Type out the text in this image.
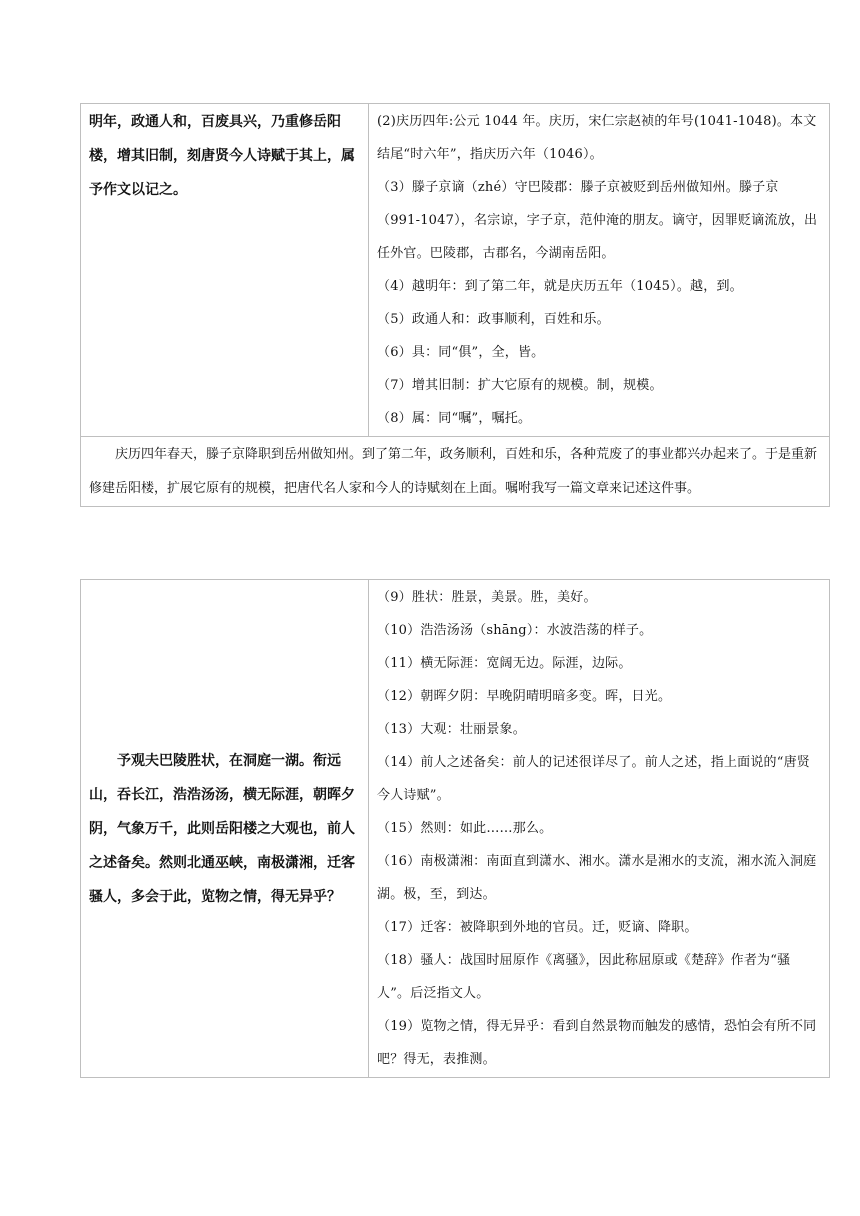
明年，政通人和，百废具兴，乃重修岳阳楼，增其旧制，刻唐贤今人诗赋于其上，属予作文以记之。

(2)庆历四年:公元 1044 年。庆历，宋仁宗赵祯的年号(1041-1048)。本文结尾“时六年”，指庆历六年（1046）。
（3）滕子京谪（zhé）守巴陵郡：滕子京被贬到岳州做知州。滕子京（991-1047），名宗谅，字子京，范仲淹的朋友。谪守，因罪贬谪流放，出任外官。巴陵郡，古郡名，今湖南岳阳。
（4）越明年：到了第二年，就是庆历五年（1045）。越，到。
（5）政通人和：政事顺利，百姓和乐。
（6）具：同“俱”，全，皆。
（7）增其旧制：扩大它原有的规模。制，规模。
（8）属：同“嘱”，嘱托。

庆历四年春天，滕子京降职到岳州做知州。到了第二年，政务顺利，百姓和乐，各种荒废了的事业都兴办起来了。于是重新修建岳阳楼，扩展它原有的规模，把唐代名人家和今人的诗赋刻在上面。嘱咐我写一篇文章来记述这件事。
予观夫巴陵胜状，在洞庭一湖。衔远山，吞长江，浩浩汤汤，横无际涯，朝晖夕阴，气象万千，此则岳阳楼之大观也，前人之述备矣。然则北通巫峡，南极潇湘，迁客骚人，多会于此，览物之情，得无异乎？

（9）胜状：胜景，美景。胜，美好。
（10）浩浩汤汤（shāng）：水波浩荡的样子。
（11）横无际涯：宽阔无边。际涯，边际。
（12）朝晖夕阴：早晚阴晴明暗多变。晖，日光。
（13）大观：壮丽景象。
（14）前人之述备矣：前人的记述很详尽了。前人之述，指上面说的“唐贤今人诗赋”。
（15）然则：如此……那么。
（16）南极潇湘：南面直到潇水、湘水。潇水是湘水的支流，湘水流入洞庭湖。极，至，到达。
（17）迁客：被降职到外地的官员。迁，贬谪、降职。
（18）骚人：战国时屈原作《离骚》，因此称屈原或《楚辞》作者为“骚人”。后泛指文人。
（19）览物之情，得无异乎：看到自然景物而触发的感情，恐怕会有所不同吧？得无，表推测。
